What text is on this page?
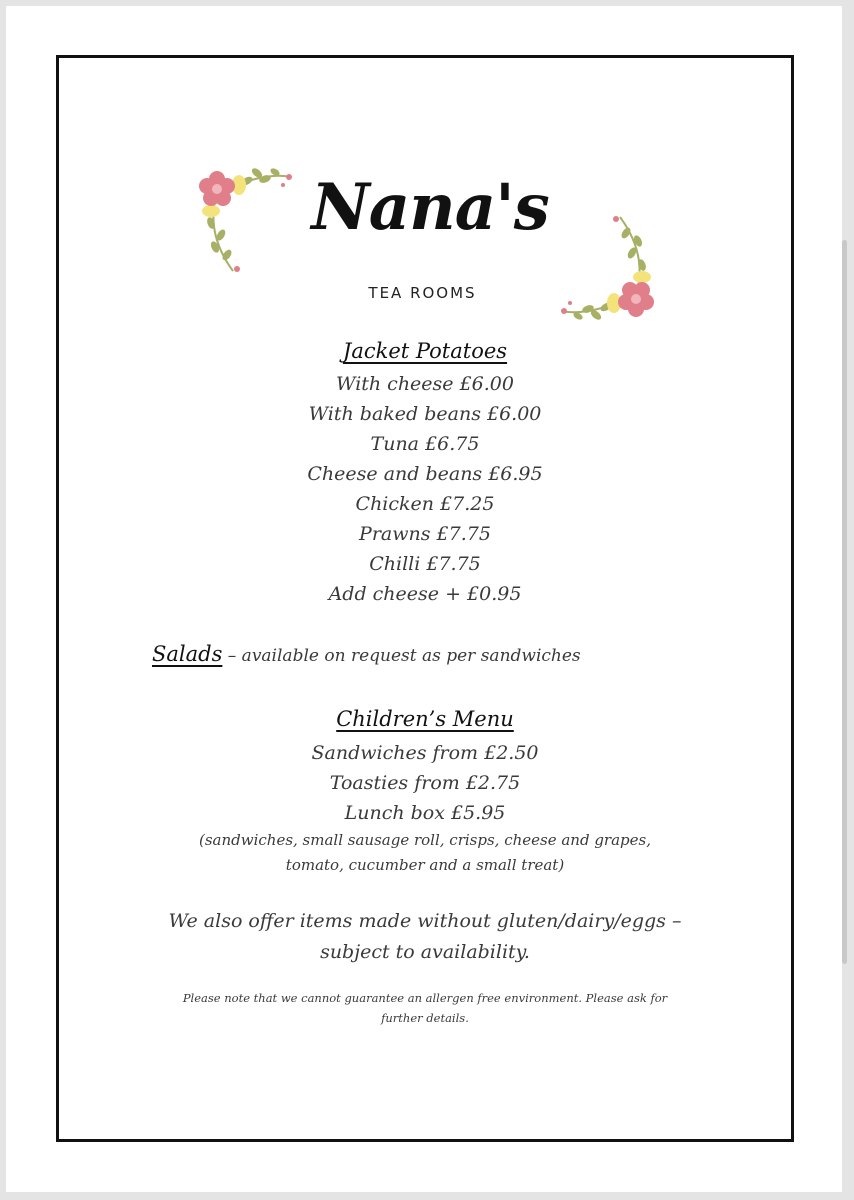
Nana's
TEA ROOMS
Jacket Potatoes
With cheese £6.00
With baked beans £6.00
Tuna £6.75
Cheese and beans £6.95
Chicken £7.25
Prawns £7.75
Chilli £7.75
Add cheese + £0.95
Salads – available on request as per sandwiches
Children’s Menu
Sandwiches from £2.50
Toasties from £2.75
Lunch box £5.95
(sandwiches, small sausage roll, crisps, cheese and grapes,
tomato, cucumber and a small treat)
We also offer items made without gluten/dairy/eggs –
subject to availability.
Please note that we cannot guarantee an allergen free environment. Please ask for
further details.
